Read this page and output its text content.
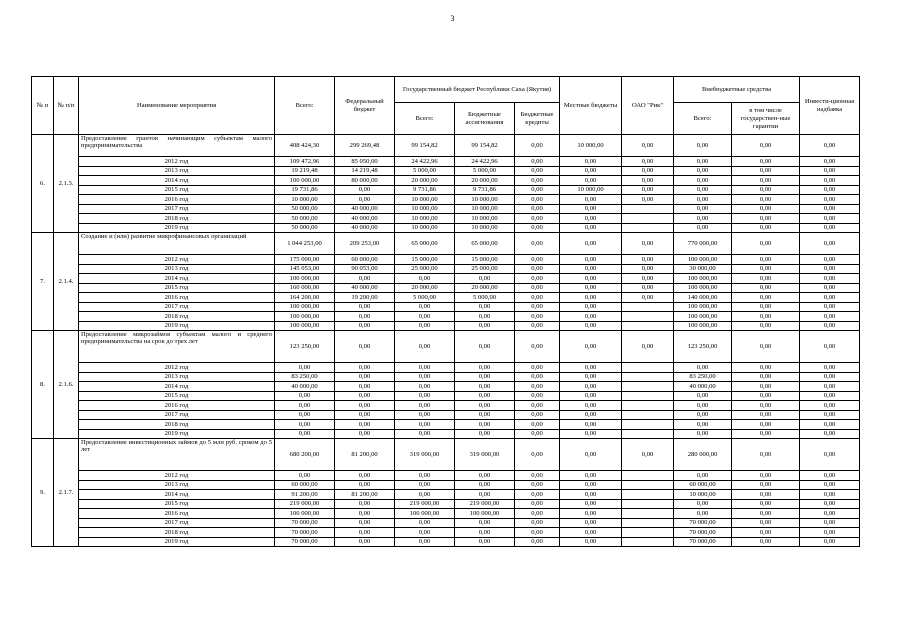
3
№ п	№ п/п	Наименование мероприятия	Всего:	Федеральный бюджет	Государственный бюджет Республики Саха (Якутия)			Местные бюджеты	ОАО "Рик"	Внебюджетные средства		Инвести-ционная надбавка
					Всего:	Бюджетные ассигнования	Бюджетные кредиты			Всего:	в том числе государствен-ные гарантии	
6.	2.1.3.	Предоставление грантов начинающим субъектам малого предпринимательства	408 424,30	299 269,48	99 154,82	99 154,82	0,00	10 000,00	0,00	0,00	0,00	0,00
		2012 год	109 472,96	85 050,00	24 422,96	24 422,96	0,00	0,00	0,00	0,00	0,00	0,00
		2013 год	19 219,48	14 219,48	5 000,00	5 000,00	0,00	0,00	0,00	0,00	0,00	0,00
		2014 год	100 000,00	80 000,00	20 000,00	20 000,00	0,00	0,00	0,00	0,00	0,00	0,00
		2015 год	19 731,86	0,00	9 731,86	9 731,86	0,00	10 000,00	0,00	0,00	0,00	0,00
		2016 год	10 000,00	0,00	10 000,00	10 000,00	0,00	0,00	0,00	0,00	0,00	0,00
		2017 год	50 000,00	40 000,00	10 000,00	10 000,00	0,00	0,00		0,00	0,00	0,00
		2018 год	50 000,00	40 000,00	10 000,00	10 000,00	0,00	0,00		0,00	0,00	0,00
		2019 год	50 000,00	40 000,00	10 000,00	10 000,00	0,00	0,00		0,00	0,00	0,00
7.	2.1.4.	Создание и (или) развитие микрофинансовых организаций	1 044 253,00	209 253,00	65 000,00	65 000,00	0,00	0,00	0,00	770 000,00	0,00	0,00
		2012 год	175 000,00	60 000,00	15 000,00	15 000,00	0,00	0,00	0,00	100 000,00	0,00	0,00
		2013 год	145 053,00	90 053,00	25 000,00	25 000,00	0,00	0,00	0,00	30 000,00	0,00	0,00
		2014 год	100 000,00	0,00	0,00	0,00	0,00	0,00	0,00	100 000,00	0,00	0,00
		2015 год	160 000,00	40 000,00	20 000,00	20 000,00	0,00	0,00	0,00	100 000,00	0,00	0,00
		2016 год	164 200,00	19 200,00	5 000,00	5 000,00	0,00	0,00	0,00	140 000,00	0,00	0,00
		2017 год	100 000,00	0,00	0,00	0,00	0,00	0,00		100 000,00	0,00	0,00
		2018 год	100 000,00	0,00	0,00	0,00	0,00	0,00		100 000,00	0,00	0,00
		2019 год	100 000,00	0,00	0,00	0,00	0,00	0,00		100 000,00	0,00	0,00
8.	2.1.6.	Предоставление микрозаймов субъектам малого и среднего предпринимательства на срок до трех лет	123 250,00	0,00	0,00	0,00	0,00	0,00	0,00	123 250,00	0,00	0,00
		2012 год	0,00	0,00	0,00	0,00	0,00	0,00		0,00	0,00	0,00
		2013 год	83 250,00	0,00	0,00	0,00	0,00	0,00		83 250,00	0,00	0,00
		2014 год	40 000,00	0,00	0,00	0,00	0,00	0,00		40 000,00	0,00	0,00
		2015 год	0,00	0,00	0,00	0,00	0,00	0,00		0,00	0,00	0,00
		2016 год	0,00	0,00	0,00	0,00	0,00	0,00		0,00	0,00	0,00
		2017 год	0,00	0,00	0,00	0,00	0,00	0,00		0,00	0,00	0,00
		2018 год	0,00	0,00	0,00	0,00	0,00	0,00		0,00	0,00	0,00
		2019 год	0,00	0,00	0,00	0,00	0,00	0,00		0,00	0,00	0,00
9.	2.1.7.	Предоставление инвестиционных займов до 5 млн руб. сроком до 5 лет	680 200,00	81 200,00	319 000,00	319 000,00	0,00	0,00	0,00	280 000,00	0,00	0,00
		2012 год	0,00	0,00	0,00	0,00	0,00	0,00		0,00	0,00	0,00
		2013 год	60 000,00	0,00	0,00	0,00	0,00	0,00		60 000,00	0,00	0,00
		2014 год	91 200,00	81 200,00	0,00	0,00	0,00	0,00		10 000,00	0,00	0,00
		2015 год	219 000,00	0,00	219 000,00	219 000,00	0,00	0,00		0,00	0,00	0,00
		2016 год	100 000,00	0,00	100 000,00	100 000,00	0,00	0,00		0,00	0,00	0,00
		2017 год	70 000,00	0,00	0,00	0,00	0,00	0,00		70 000,00	0,00	0,00
		2018 год	70 000,00	0,00	0,00	0,00	0,00	0,00		70 000,00	0,00	0,00
		2019 год	70 000,00	0,00	0,00	0,00	0,00	0,00		70 000,00	0,00	0,00
